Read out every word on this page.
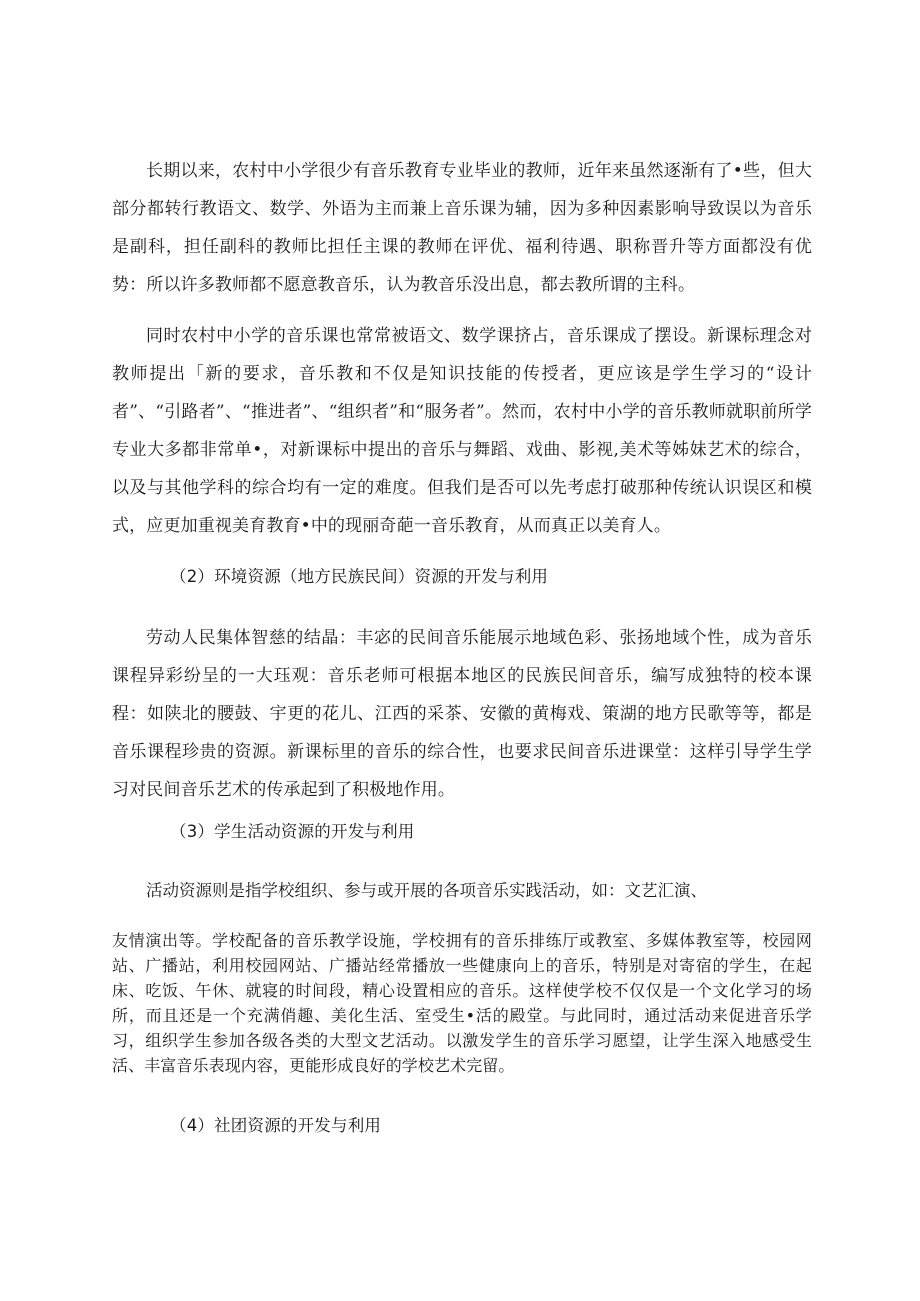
长期以来，农村中小学很少有音乐教育专业毕业的教师，近年来虽然逐渐有了•些，但大部分都转行教语文、数学、外语为主而兼上音乐课为辅，因为多种因素影响导致误以为音乐是副科，担任副科的教师比担任主课的教师在评优、福利待遇、职称晋升等方面都没有优势：所以许多教师都不愿意教音乐，认为教音乐没出息，都去教所谓的主科。

同时农村中小学的音乐课也常常被语文、数学课挤占，音乐课成了摆设。新课标理念对教师提出「新的要求，音乐教和不仅是知识技能的传授者，更应该是学生学习的“设计者”、“引路者”、“推进者”、“组织者”和“服务者”。然而，农村中小学的音乐教师就职前所学专业大多都非常单•，对新课标中提出的音乐与舞蹈、戏曲、影视,美术等姊妹艺术的综合，以及与其他学科的综合均有一定的难度。但我们是否可以先考虑打破那种传统认识误区和模式，应更加重视美育教育•中的现丽奇葩一音乐教育，从而真正以美育人。

（2）环境资源（地方民族民间）资源的开发与利用

劳动人民集体智慈的结晶：丰宓的民间音乐能展示地域色彩、张扬地域个性，成为音乐课程异彩纷呈的一大珏观：音乐老师可根据本地区的民族民间音乐，编写成独特的校本课程：如陕北的腰鼓、宇更的花儿、江西的采茶、安徽的黄梅戏、策湖的地方民歌等等，都是音乐课程珍贵的资源。新课标里的音乐的综合性，也要求民间音乐进课堂：这样引导学生学习对民间音乐艺术的传承起到了积极地作用。

（3）学生活动资源的开发与利用

活动资源则是指学校组织、参与或开展的各项音乐实践活动，如：文艺汇演、

友情演出等。学校配备的音乐教学设施，学校拥有的音乐排练厅或教室、多媒体教室等，校园网站、广播站，利用校园网站、广播站经常播放一些健康向上的音乐，特别是对寄宿的学生，在起床、吃饭、午休、就寝的时间段，精心设置相应的音乐。这样使学校不仅仅是一个文化学习的场所，而且还是一个充满俏趣、美化生活、室受生•活的殿堂。与此同时，通过活动来促进音乐学习，组织学生参加各级各类的大型文艺活动。以激发学生的音乐学习愿望，让学生深入地感受生活、丰富音乐表现内容，更能形成良好的学校艺术完留。

（4）社团资源的开发与利用
